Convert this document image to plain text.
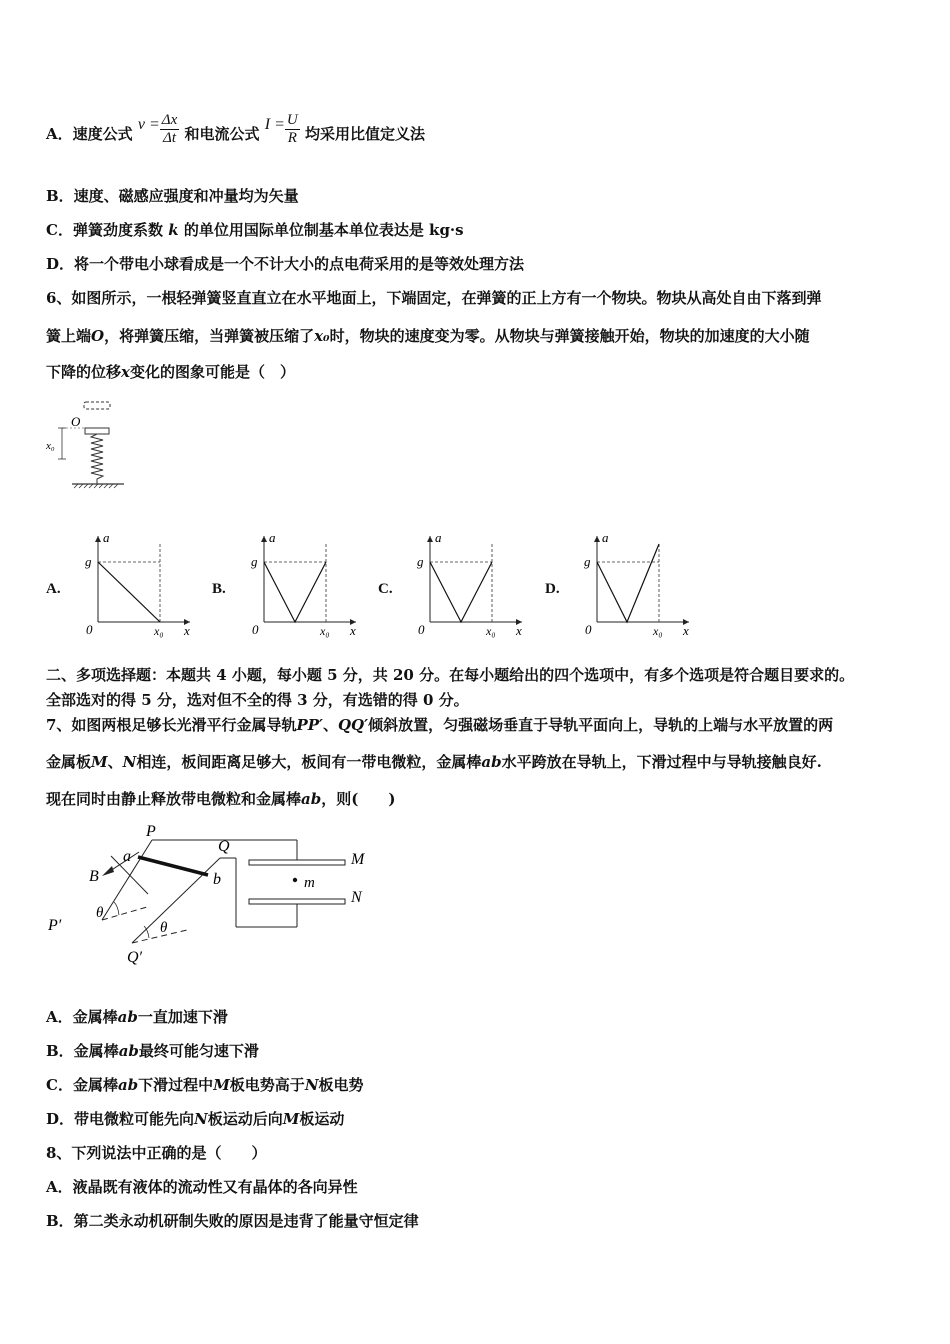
A．速度公式 $v = \frac{\Delta x}{\Delta t}$ 和电流公式 $I = \frac{U}{R}$ 均采用比值定义法
B．速度、磁感应强度和冲量均为矢量
C．弹簧劲度系数 k 的单位用国际单位制基本单位表达是 kg·s
D．将一个带电小球看成是一个不计大小的点电荷采用的是等效处理方法
6、如图所示，一根轻弹簧竖直直立在水平地面上，下端固定，在弹簧的正上方有一个物块。物块从高处自由下落到弹
簧上端O，将弹簧压缩，当弹簧被压缩了x₀时，物块的速度变为零。从物块与弹簧接触开始，物块的加速度的大小随
下降的位移x变化的图象可能是（　）
O
x₀
A.
a
g
0	x₀ x
B.
a
g
0	x₀ x
C.
a
g
0	x₀ x
D.
a
g
0	x₀ x
二、多项选择题：本题共 4 小题，每小题 5 分，共 20 分。在每小题给出的四个选项中，有多个选项是符合题目要求的。
全部选对的得 5 分，选对但不全的得 3 分，有选错的得 0 分。
7、如图两根足够长光滑平行金属导轨PP′、QQ′倾斜放置，匀强磁场垂直于导轨平面向上，导轨的上端与水平放置的两
金属板M、N相连，板间距离足够大，板间有一带电微粒，金属棒ab水平跨放在导轨上，下滑过程中与导轨接触良好.
现在同时由静止释放带电微粒和金属棒ab，则(　　)
P
Q
a
b
B
M
N
m
P′
Q′
θ
θ
A．金属棒ab一直加速下滑
B．金属棒ab最终可能匀速下滑
C．金属棒ab下滑过程中M板电势高于N板电势
D．带电微粒可能先向N板运动后向M板运动
8、下列说法中正确的是（　　）
A．液晶既有液体的流动性又有晶体的各向异性
B．第二类永动机研制失败的原因是违背了能量守恒定律
